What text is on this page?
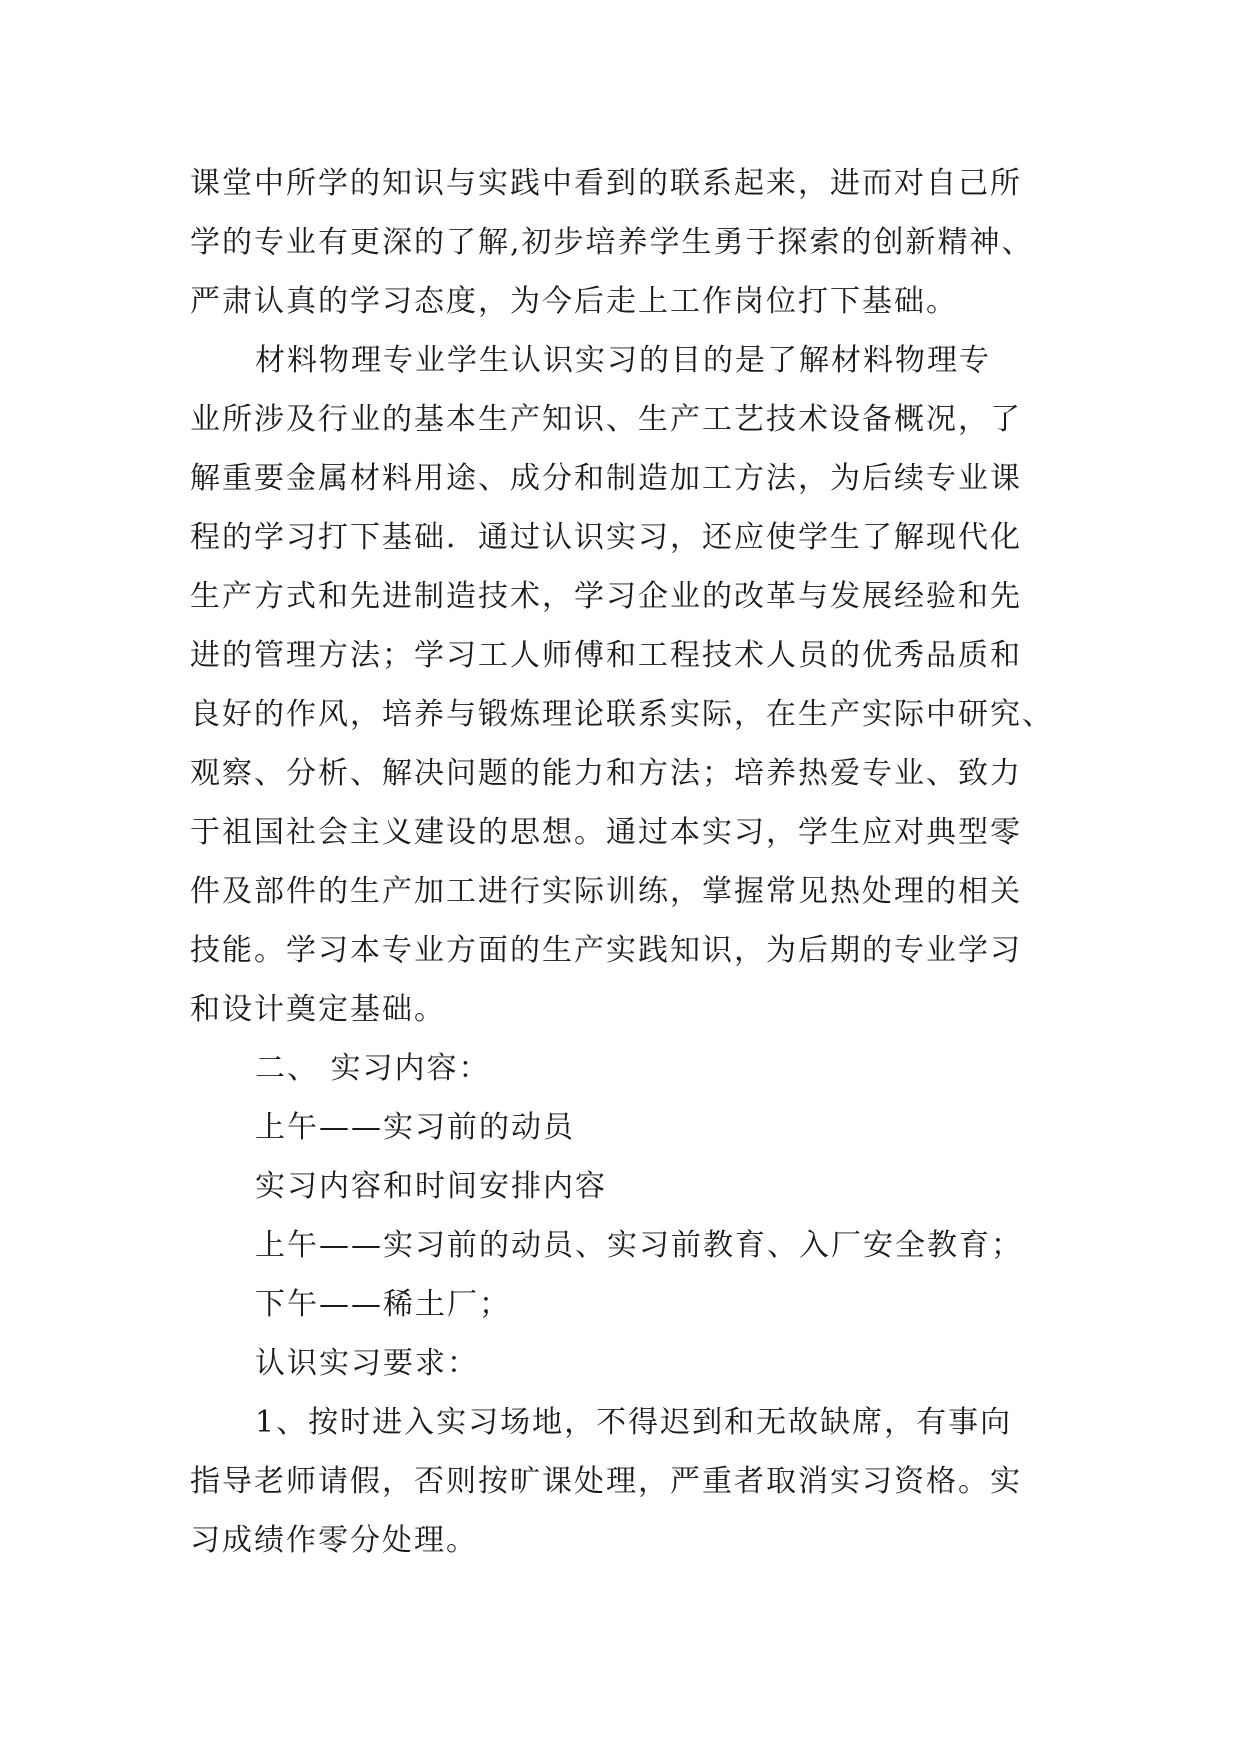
课堂中所学的知识与实践中看到的联系起来，进而对自己所
学的专业有更深的了解,初步培养学生勇于探索的创新精神、
严肃认真的学习态度，为今后走上工作岗位打下基础。
材料物理专业学生认识实习的目的是了解材料物理专
业所涉及行业的基本生产知识、生产工艺技术设备概况，了
解重要金属材料用途、成分和制造加工方法，为后续专业课
程的学习打下基础．通过认识实习，还应使学生了解现代化
生产方式和先进制造技术，学习企业的改革与发展经验和先
进的管理方法；学习工人师傅和工程技术人员的优秀品质和
良好的作风，培养与锻炼理论联系实际，在生产实际中研究、
观察、分析、解决问题的能力和方法；培养热爱专业、致力
于祖国社会主义建设的思想。通过本实习，学生应对典型零
件及部件的生产加工进行实际训练，掌握常见热处理的相关
技能。学习本专业方面的生产实践知识，为后期的专业学习
和设计奠定基础。
二、 实习内容：
上午——实习前的动员
实习内容和时间安排内容
上午——实习前的动员、实习前教育、入厂安全教育；
下午——稀土厂；
认识实习要求：
1、按时进入实习场地，不得迟到和无故缺席，有事向
指导老师请假，否则按旷课处理，严重者取消实习资格。实
习成绩作零分处理。
